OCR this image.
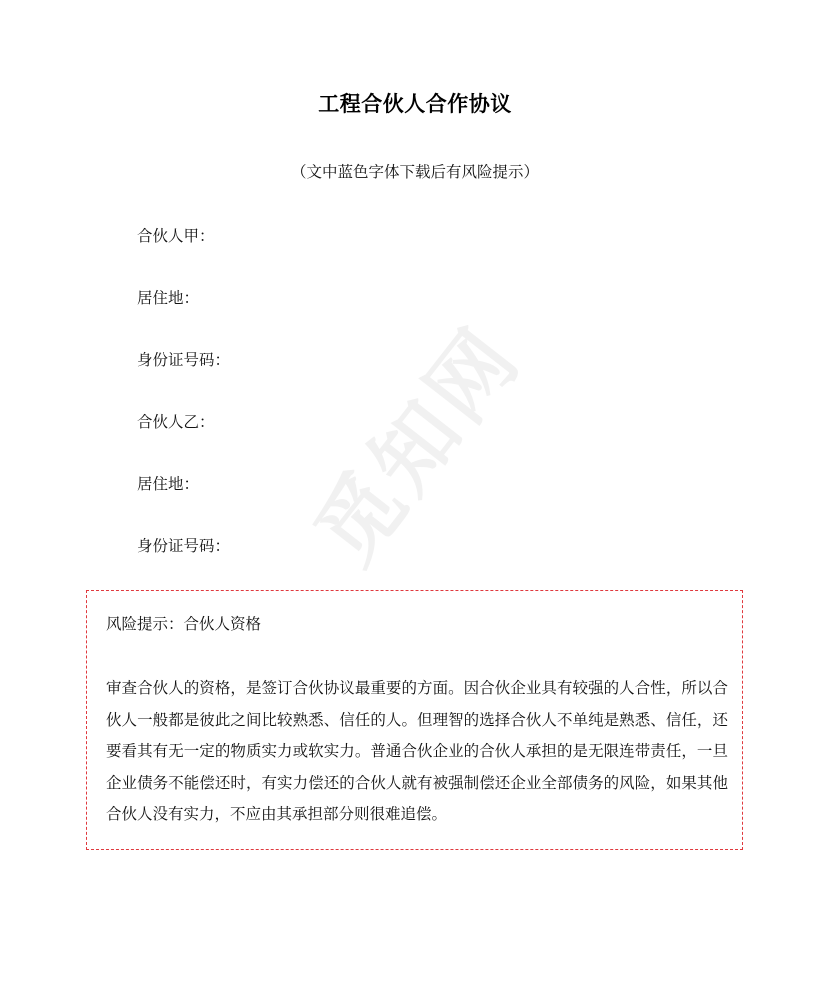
觅知网
工程合伙人合作协议
（文中蓝色字体下载后有风险提示）
合伙人甲：
居住地：
身份证号码：
合伙人乙：
居住地：
身份证号码：
风险提示：合伙人资格
审查合伙人的资格，是签订合伙协议最重要的方面。因合伙企业具有较强的人合性，所以合伙人一般都是彼此之间比较熟悉、信任的人。但理智的选择合伙人不单纯是熟悉、信任，还要看其有无一定的物质实力或软实力。普通合伙企业的合伙人承担的是无限连带责任，一旦企业债务不能偿还时，有实力偿还的合伙人就有被强制偿还企业全部债务的风险，如果其他合伙人没有实力，不应由其承担部分则很难追偿。
